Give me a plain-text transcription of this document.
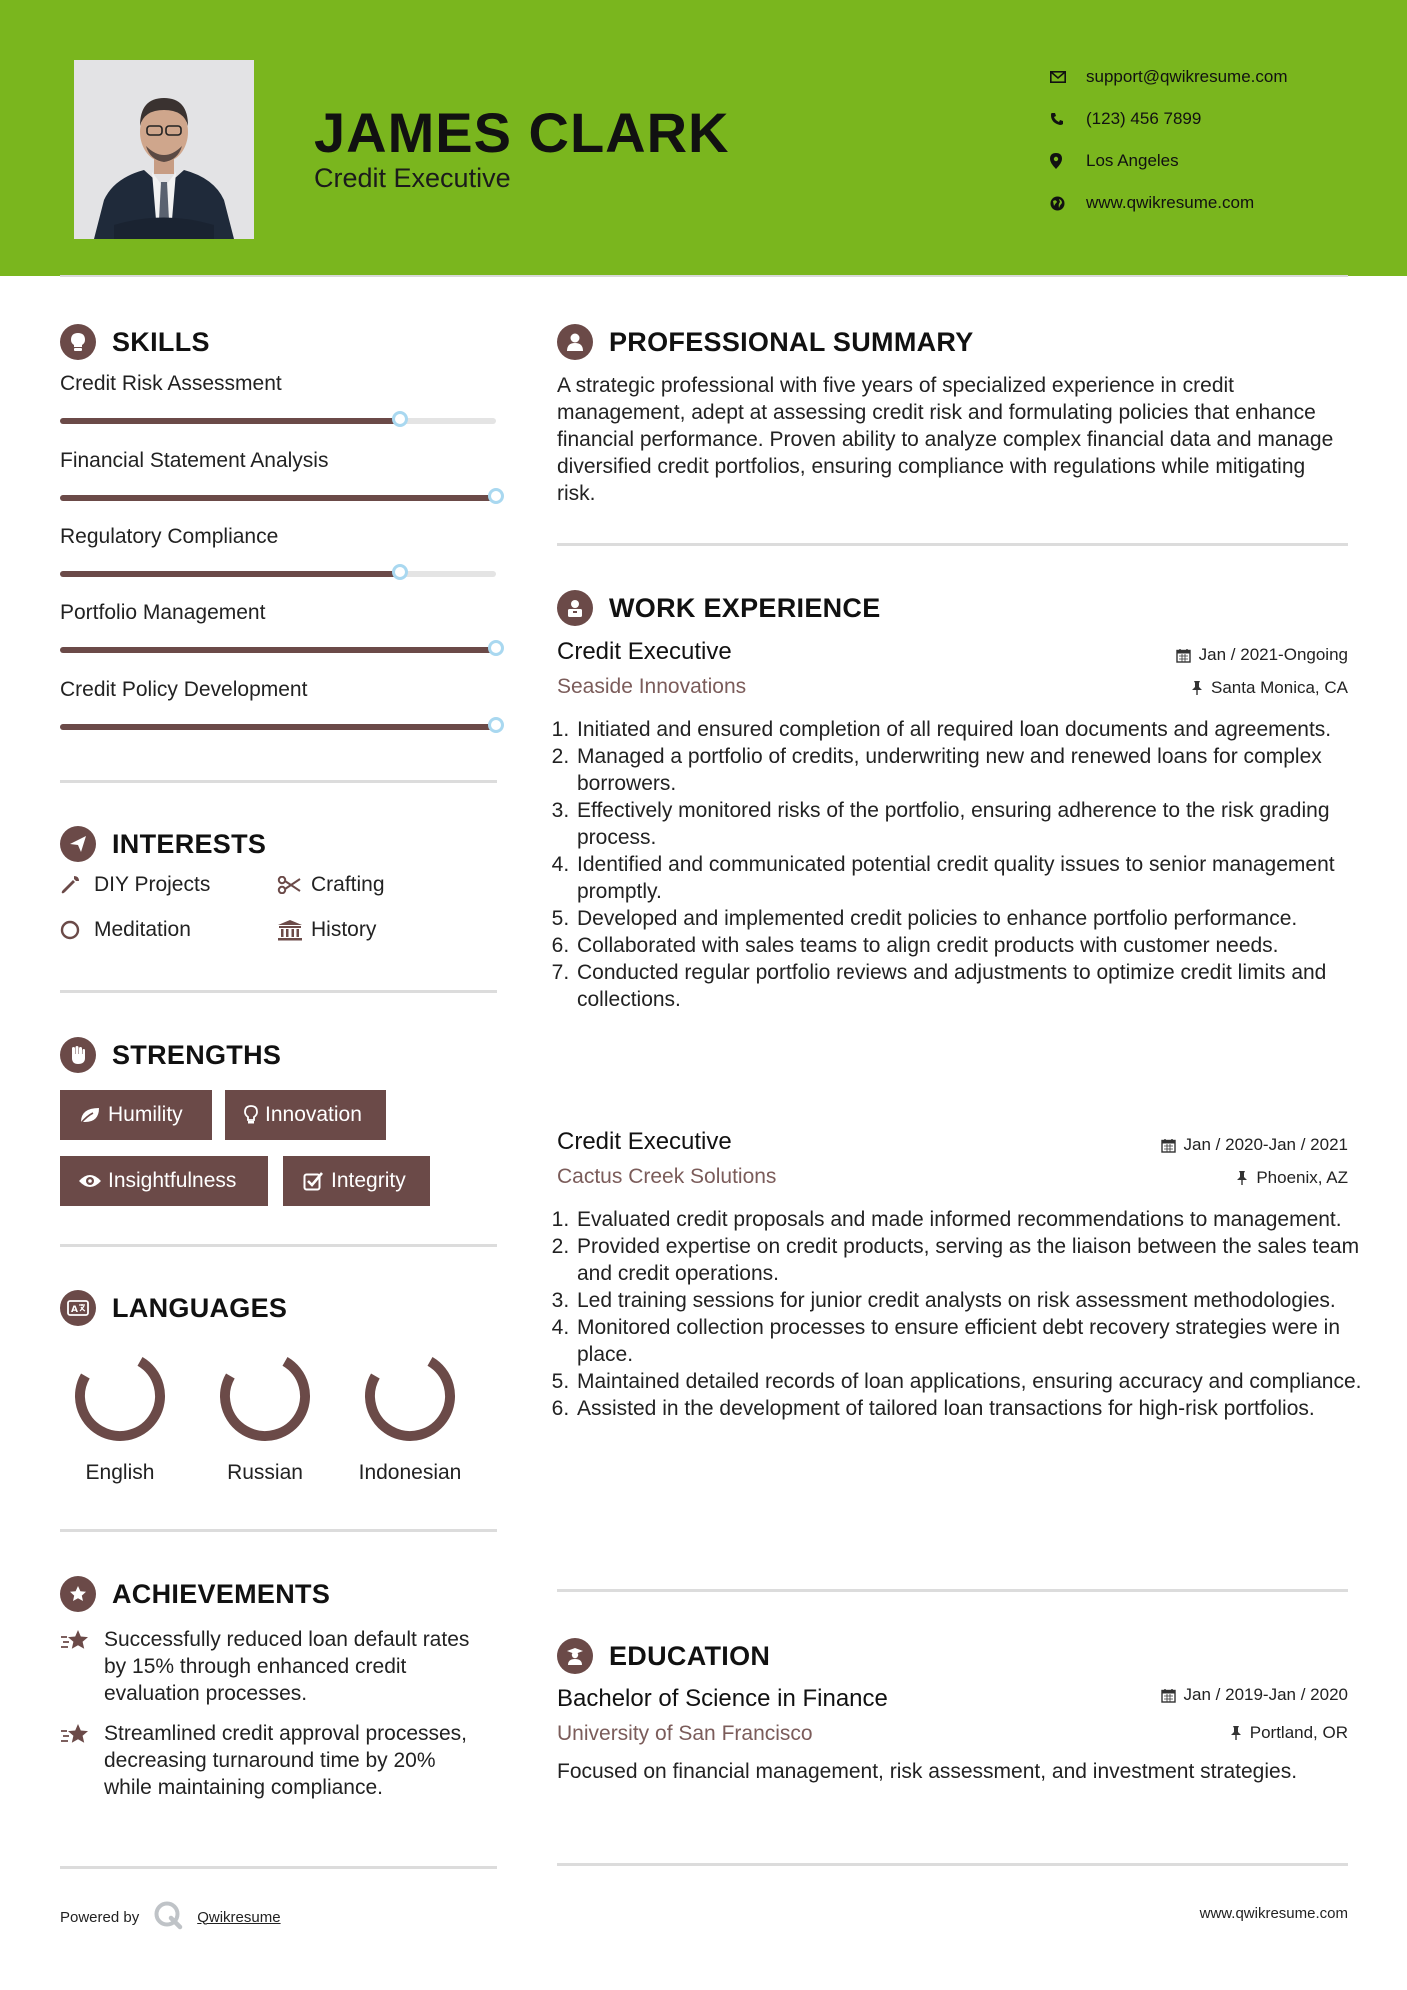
JAMES CLARK
Credit Executive
support@qwikresume.com
(123) 456 7899
Los Angeles
www.qwikresume.com
SKILLS
Credit Risk Assessment
Financial Statement Analysis
Regulatory Compliance
Portfolio Management
Credit Policy Development
INTERESTS
DIY Projects	Crafting
Meditation	History
STRENGTHS
Humility	Innovation
Insightfulness	Integrity
A LANGUAGES
English	Russian	Indonesian
ACHIEVEMENTS
Successfully reduced loan default rates by 15% through enhanced credit evaluation processes.
Streamlined credit approval processes, decreasing turnaround time by 20% while maintaining compliance.
PROFESSIONAL SUMMARY

A strategic professional with five years of specialized experience in credit management, adept at assessing credit risk and formulating policies that enhance financial performance. Proven ability to analyze complex financial data and manage diversified credit portfolios, ensuring compliance with regulations while mitigating risk.

WORK EXPERIENCE
Credit Executive	Jan / 2021-Ongoing
Seaside Innovations	Santa Monica, CA
1. Initiated and ensured completion of all required loan documents and agreements.
2. Managed a portfolio of credits, underwriting new and renewed loans for complex borrowers.
3. Effectively monitored risks of the portfolio, ensuring adherence to the risk grading process.
4. Identified and communicated potential credit quality issues to senior management promptly.
5. Developed and implemented credit policies to enhance portfolio performance.
6. Collaborated with sales teams to align credit products with customer needs.
7. Conducted regular portfolio reviews and adjustments to optimize credit limits and collections.
Credit Executive	Jan / 2020-Jan / 2021
Cactus Creek Solutions	Phoenix, AZ
1. Evaluated credit proposals and made informed recommendations to management.
2. Provided expertise on credit products, serving as the liaison between the sales team and credit operations.
3. Led training sessions for junior credit analysts on risk assessment methodologies.
4. Monitored collection processes to ensure efficient debt recovery strategies were in place.
5. Maintained detailed records of loan applications, ensuring accuracy and compliance.
6. Assisted in the development of tailored loan transactions for high-risk portfolios.
EDUCATION
Bachelor of Science in Finance	Jan / 2019-Jan / 2020
University of San Francisco	Portland, OR

Focused on financial management, risk assessment, and investment strategies.

Powered by	Qwikresume	www.qwikresume.com
